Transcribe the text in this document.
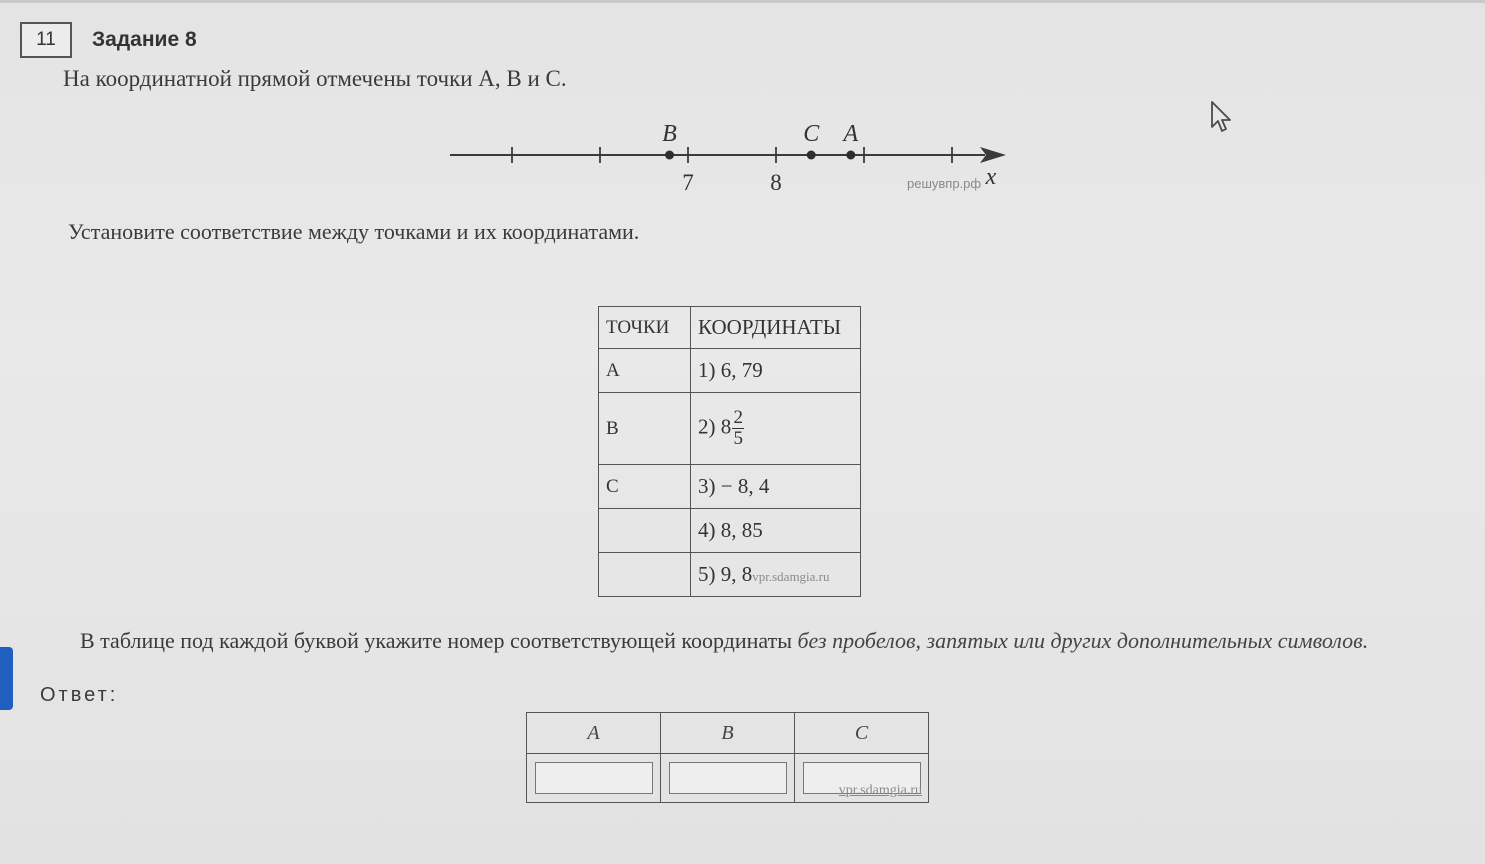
11	Задание 8
На координатной прямой отмечены точки A, B и C.
7	8
B	C A
x
решувпр.рф
Установите соответствие между точками и их координатами.
ТОЧКИ	КООРДИНАТЫ
A	1) 6, 79
B	2) $8 \frac{2}{5}$

C	3) − 8, 4
	4) 8, 85
	5) 9, 8vpr.sdamgia.ru
В таблице под каждой буквой укажите номер соответствующей координаты без пробелов, запятых или других дополнительных символов.
Ответ:
A	B	C

vpr.sdamgia.ru
